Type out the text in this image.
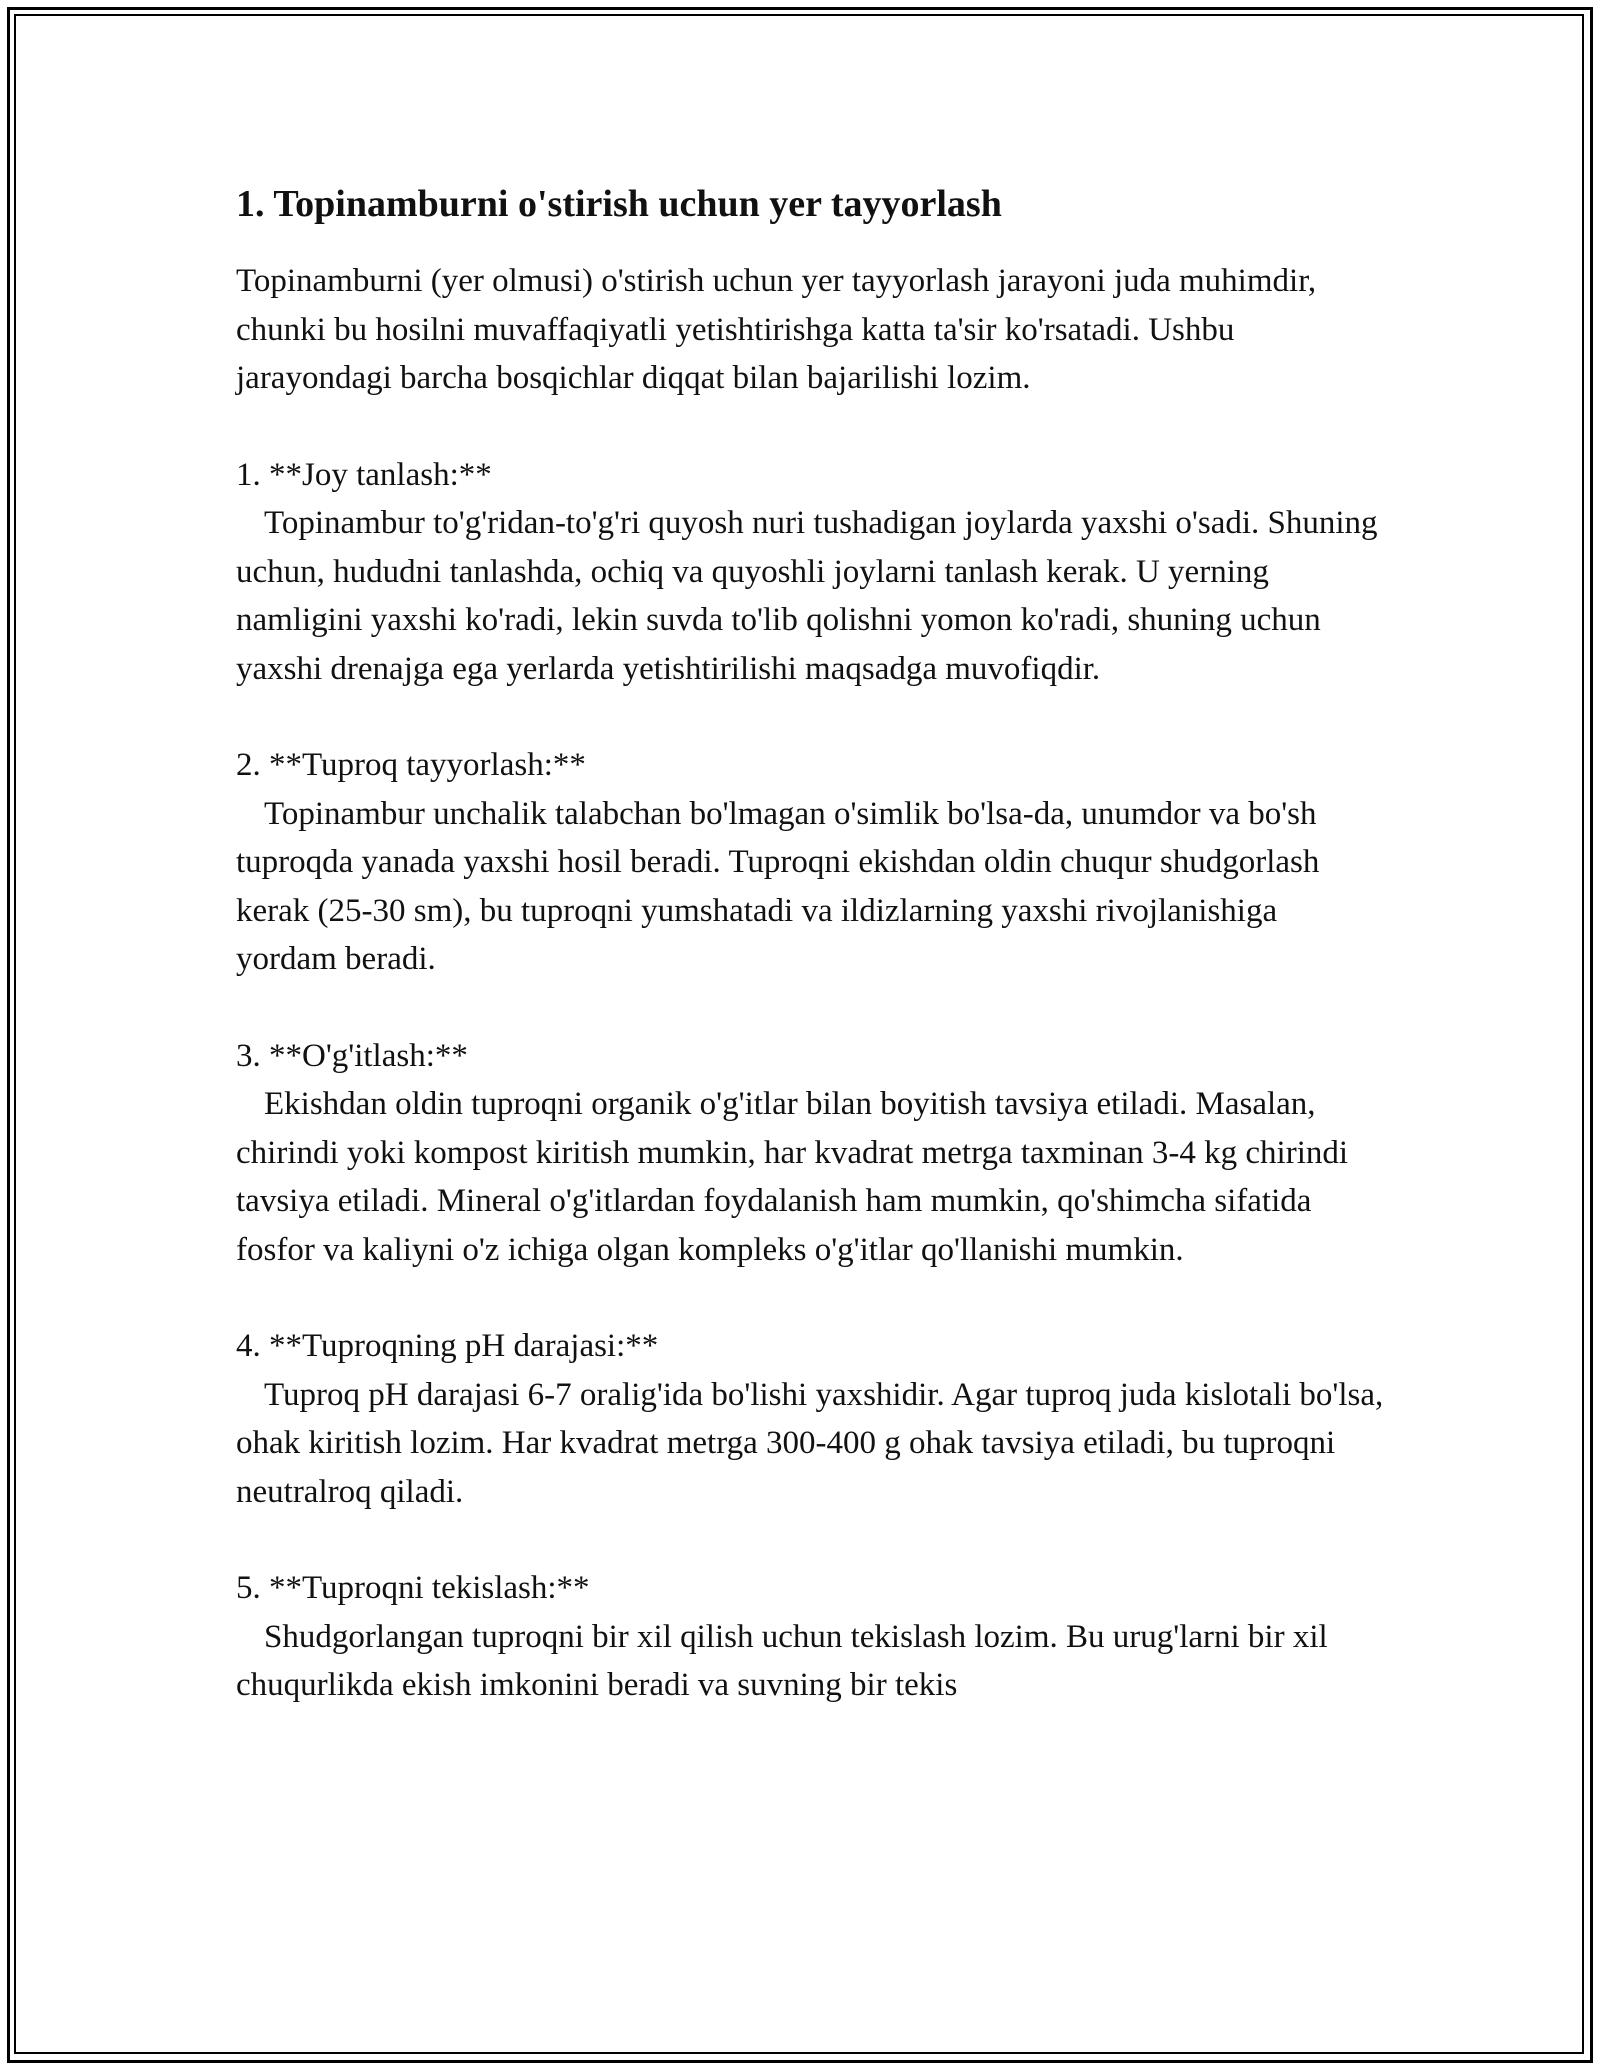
1. Topinamburni o'stirish uchun yer tayyorlash

Topinamburni (yer olmusi) o'stirish uchun yer tayyorlash jarayoni juda muhimdir, chunki bu hosilni muvaffaqiyatli yetishtirishga katta ta'sir ko'rsatadi. Ushbu jarayondagi barcha bosqichlar diqqat bilan bajarilishi lozim.

1. **Joy tanlash:**

Topinambur to'g'ridan-to'g'ri quyosh nuri tushadigan joylarda yaxshi o'sadi. Shuning uchun, hududni tanlashda, ochiq va quyoshli joylarni tanlash kerak. U yerning namligini yaxshi ko'radi, lekin suvda to'lib qolishni yomon ko'radi, shuning uchun yaxshi drenajga ega yerlarda yetishtirilishi maqsadga muvofiqdir.

2. **Tuproq tayyorlash:**

Topinambur unchalik talabchan bo'lmagan o'simlik bo'lsa-da, unumdor va bo'sh tuproqda yanada yaxshi hosil beradi. Tuproqni ekishdan oldin chuqur shudgorlash kerak (25-30 sm), bu tuproqni yumshatadi va ildizlarning yaxshi rivojlanishiga yordam beradi.

3. **O'g'itlash:**

Ekishdan oldin tuproqni organik o'g'itlar bilan boyitish tavsiya etiladi. Masalan, chirindi yoki kompost kiritish mumkin, har kvadrat metrga taxminan 3-4 kg chirindi tavsiya etiladi. Mineral o'g'itlardan foydalanish ham mumkin, qo'shimcha sifatida fosfor va kaliyni o'z ichiga olgan kompleks o'g'itlar qo'llanishi mumkin.

4. **Tuproqning pH darajasi:**

Tuproq pH darajasi 6-7 oralig'ida bo'lishi yaxshidir. Agar tuproq juda kislotali bo'lsa, ohak kiritish lozim. Har kvadrat metrga 300-400 g ohak tavsiya etiladi, bu tuproqni neutralroq qiladi.

5. **Tuproqni tekislash:**

Shudgorlangan tuproqni bir xil qilish uchun tekislash lozim. Bu urug'larni bir xil chuqurlikda ekish imkonini beradi va suvning bir tekis
